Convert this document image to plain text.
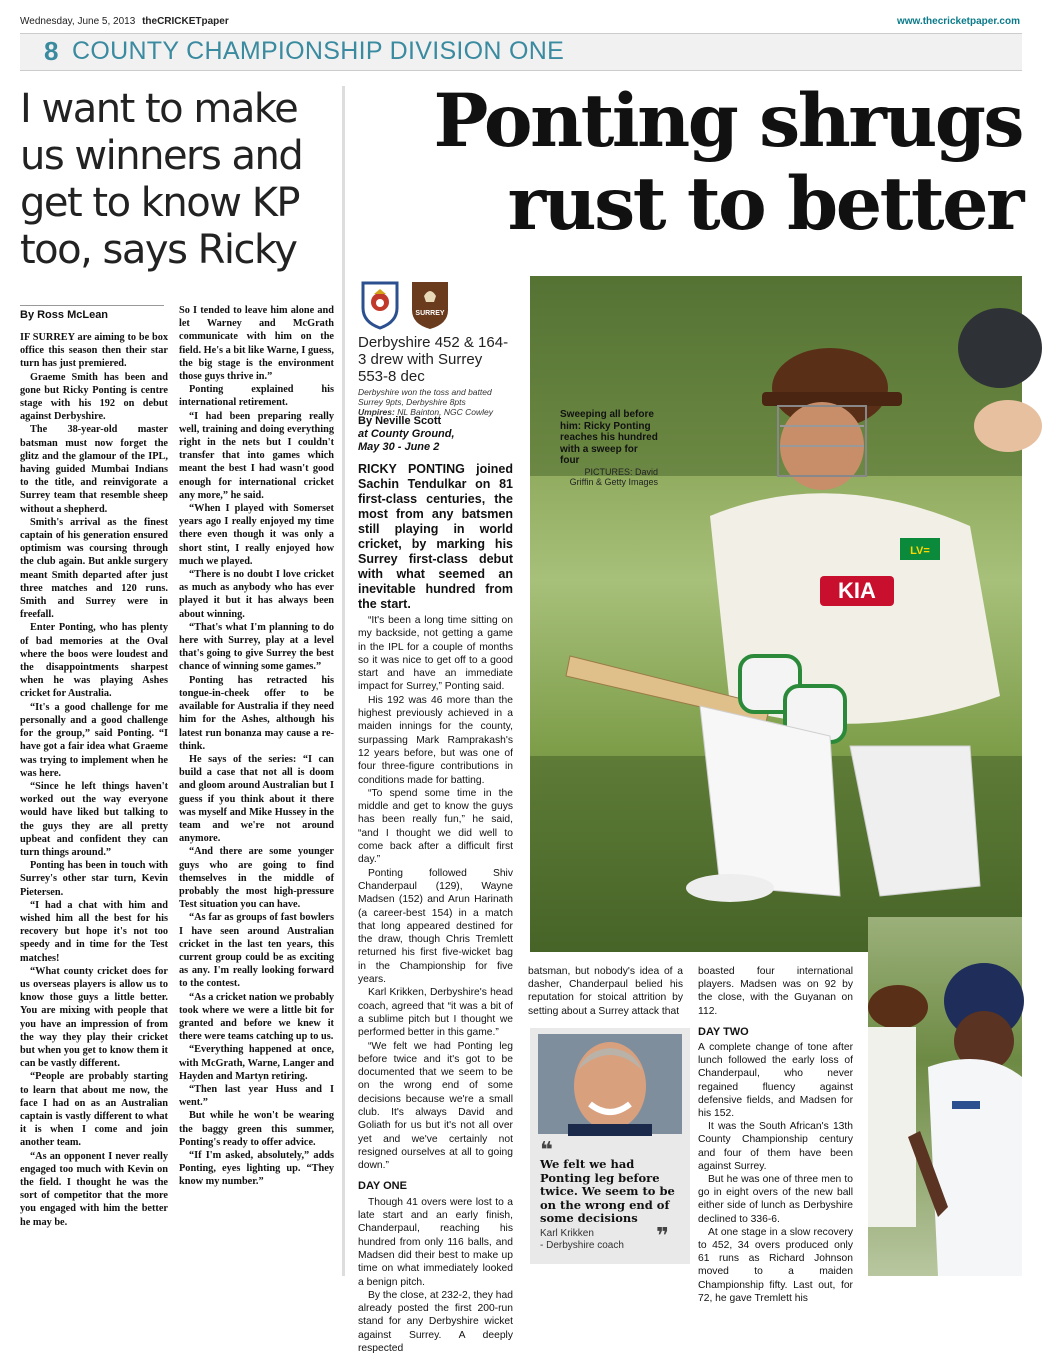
Wednesday, June 5, 2013 theCRICKETpaper	www.thecricketpaper.com
8 COUNTY CHAMPIONSHIP DIVISION ONE
I want to make us winners and get to know KP too, says Ricky
By Ross McLean

IF SURREY are aiming to be box office this season then their star turn has just premiered.

Graeme Smith has been and gone but Ricky Ponting is centre stage with his 192 on debut against Derbyshire.

The 38-year-old master batsman must now forget the glitz and the glamour of the IPL, having guided Mumbai Indians to the title, and reinvigorate a Surrey team that resemble sheep without a shepherd.

Smith's arrival as the finest captain of his generation ensured optimism was coursing through the club again. But ankle surgery meant Smith departed after just three matches and 120 runs. Smith and Surrey were in freefall.

Enter Ponting, who has plenty of bad memories at the Oval where the boos were loudest and the disappointments sharpest when he was playing Ashes cricket for Australia.

“It's a good challenge for me personally and a good challenge for the group,” said Ponting. “I have got a fair idea what Graeme was trying to implement when he was here.

“Since he left things haven't worked out the way everyone would have liked but talking to the guys they are all pretty upbeat and confident they can turn things around.”

Ponting has been in touch with Surrey's other star turn, Kevin Pietersen.

“I had a chat with him and wished him all the best for his recovery but hope it's not too speedy and in time for the Test matches!

“What county cricket does for us overseas players is allow us to know those guys a little better. You are mixing with people that you have an impression of from the way they play their cricket but when you get to know them it can be vastly different.

“People are probably starting to learn that about me now, the face I had on as an Australian captain is vastly different to what it is when I come and join another team.

“As an opponent I never really engaged too much with Kevin on the field. I thought he was the sort of competitor that the more you engaged with him the better he may be.

So I tended to leave him alone and let Warney and McGrath communicate with him on the field. He's a bit like Warne, I guess, the big stage is the environment those guys thrive in.”

Ponting explained his international retirement.

“I had been preparing really well, training and doing everything right in the nets but I couldn't transfer that into games which meant the best I had wasn't good enough for international cricket any more,” he said.

“When I played with Somerset years ago I really enjoyed my time there even though it was only a short stint, I really enjoyed how much we played.

“There is no doubt I love cricket as much as anybody who has ever played it but it has always been about winning.

“That's what I'm planning to do here with Surrey, play at a level that's going to give Surrey the best chance of winning some games.”

Ponting has retracted his tongue-in-cheek offer to be available for Australia if they need him for the Ashes, although his latest run bonanza may cause a re-think.

He says of the series: “I can build a case that not all is doom and gloom around Australian but I guess if you think about it there was myself and Mike Hussey in the team and we're not around anymore.

“And there are some younger guys who are going to find themselves in the middle of probably the most high-pressure Test situation you can have.

“As far as groups of fast bowlers I have seen around Australian cricket in the last ten years, this current group could be as exciting as any. I'm really looking forward to the contest.

“As a cricket nation we probably took where we were a little bit for granted and before we knew it there were teams catching up to us.

“Everything happened at once, with McGrath, Warne, Langer and Hayden and Martyn retiring.

“Then last year Huss and I went.”

But while he won't be wearing the baggy green this summer, Ponting's ready to offer advice.

“If I'm asked, absolutely,” adds Ponting, eyes lighting up. “They know my number.”

Ponting shrugs
rust to better
SURREY
Derbyshire 452 & 164-3 drew with Surrey 553-8 dec
Derbyshire won the toss and batted Surrey 9pts, Derbyshire 8pts
Umpires: NL Bainton, NGC Cowley
By Neville Scott
at County Ground,
May 30 - June 2
RICKY PONTING joined Sachin Tendulkar on 81 first-class centuries, the most from any batsmen still playing in world cricket, by marking his Surrey first-class debut with what seemed an inevitable hundred from the start.

“It's been a long time sitting on my backside, not getting a game in the IPL for a couple of months so it was nice to get off to a good start and have an immediate impact for Surrey,” Ponting said.

His 192 was 46 more than the highest previously achieved in a maiden innings for the county, surpassing Mark Ramprakash's 12 years before, but was one of four three-figure contributions in conditions made for batting.

“To spend some time in the middle and get to know the guys has been really fun,” he said, “and I thought we did well to come back after a difficult first day.”

Ponting followed Shiv Chanderpaul (129), Wayne Madsen (152) and Arun Harinath (a career-best 154) in a match that long appeared destined for the draw, though Chris Tremlett returned his first five-wicket bag in the Championship for five years.

Karl Krikken, Derbyshire's head coach, agreed that “it was a bit of a sublime pitch but I thought we performed better in this game.”

“We felt we had Ponting leg before twice and it's got to be documented that we seem to be on the wrong end of some decisions because we're a small club. It's always David and Goliath for us but it's not all over yet and we've certainly not resigned ourselves at all to going down.”

DAY ONE

Though 41 overs were lost to a late start and an early finish, Chanderpaul, reaching his hundred from only 116 balls, and Madsen did their best to make up time on what immediately looked a benign pitch.

By the close, at 232-2, they had already posted the first 200-run stand for any Derbyshire wicket against Surrey. A deeply respected

batsman, but nobody's idea of a dasher, Chanderpaul belied his reputation for stoical attrition by setting about a Surrey attack that

boasted four international players. Madsen was on 92 by the close, with the Guyanan on 112.

DAY TWO

A complete change of tone after lunch followed the early loss of Chanderpaul, who never regained fluency against defensive fields, and Madsen for his 152.

It was the South African's 13th County Championship century and four of them have been against Surrey.

But he was one of three men to go in eight overs of the new ball either side of lunch as Derbyshire declined to 336-6.

At one stage in a slow recovery to 452, 34 overs produced only 61 runs as Richard Johnson moved to a maiden Championship fifty. Last out, for 72, he gave Tremlett his

KIA
LV=
Sweeping all before him: Ricky Ponting reaches his hundred with a sweep for four
PICTURES: David Griffin & Getty Images
❝
We felt we had Ponting leg before twice. We seem to be on the wrong end of some decisions
Karl Krikken
- Derbyshire coach	❞
